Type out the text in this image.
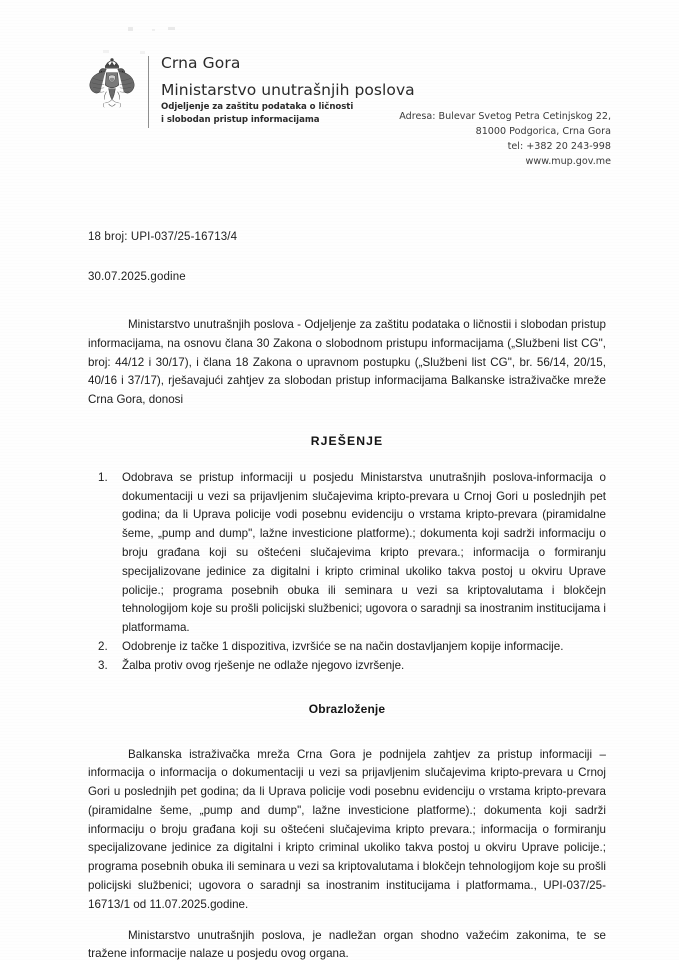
Crna Gora
Ministarstvo unutrašnjih poslova
Odjeljenje za zaštitu podataka o ličnosti
i slobodan pristup informacijama	Adresa: Bulevar Svetog Petra Cetinjskog 22,
81000 Podgorica, Crna Gora
tel: +382 20 243-998
www.mup.gov.me
18 broj: UPI-037/25-16713/4
30.07.2025.godine

Ministarstvo unutrašnjih poslova - Odjeljenje za zaštitu podataka o ličnostii i slobodan pristup informacijama, na osnovu člana 30 Zakona o slobodnom pristupu informacijama („Službeni list CG", broj: 44/12 i 30/17), i člana 18 Zakona o upravnom postupku („Službeni list CG", br. 56/14, 20/15, 40/16 i 37/17), rješavajući zahtjev za slobodan pristup informacijama Balkanske istraživačke mreže Crna Gora, donosi

RJEŠENJE
Odobrava se pristup informaciji u posjedu Ministarstva unutrašnjih poslova-informacija o dokumentaciji u vezi sa prijavljenim slučajevima kripto-prevara u Crnoj Gori u poslednjih pet godina; da li Uprava policije vodi posebnu evidenciju o vrstama kripto-prevara (piramidalne šeme, „pump and dump", lažne investicione platforme).; dokumenta koji sadrži informaciju o broju građana koji su oštećeni slučajevima kripto prevara.; informacija o formiranju specijalizovane jedinice za digitalni i kripto criminal ukoliko takva postoj u okviru Uprave policije.; programa posebnih obuka ili seminara u vezi sa kriptovalutama i blokčejn tehnologijom koje su prošli policijski službenici; ugovora o saradnji sa inostranim institucijama i platformama.
Odobrenje iz tačke 1 dispozitiva, izvršiće se na način dostavljanjem kopije informacije.
Žalba protiv ovog rješenje ne odlaže njegovo izvršenje.
Obrazloženje

Balkanska istraživačka mreža Crna Gora je podnijela zahtjev za pristup informaciji – informacija o informacija o dokumentaciji u vezi sa prijavljenim slučajevima kripto-prevara u Crnoj Gori u poslednjih pet godina; da li Uprava policije vodi posebnu evidenciju o vrstama kripto-prevara (piramidalne šeme, „pump and dump", lažne investicione platforme).; dokumenta koji sadrži informaciju o broju građana koji su oštećeni slučajevima kripto prevara.; informacija o formiranju specijalizovane jedinice za digitalni i kripto criminal ukoliko takva postoj u okviru Uprave policije.; programa posebnih obuka ili seminara u vezi sa kriptovalutama i blokčejn tehnologijom koje su prošli policijski službenici; ugovora o saradnji sa inostranim institucijama i platformama., UPI-037/25-16713/1 od 11.07.2025.godine.

Ministarstvo unutrašnjih poslova, je nadležan organ shodno važećim zakonima, te se tražene informacije nalaze u posjedu ovog organa.
